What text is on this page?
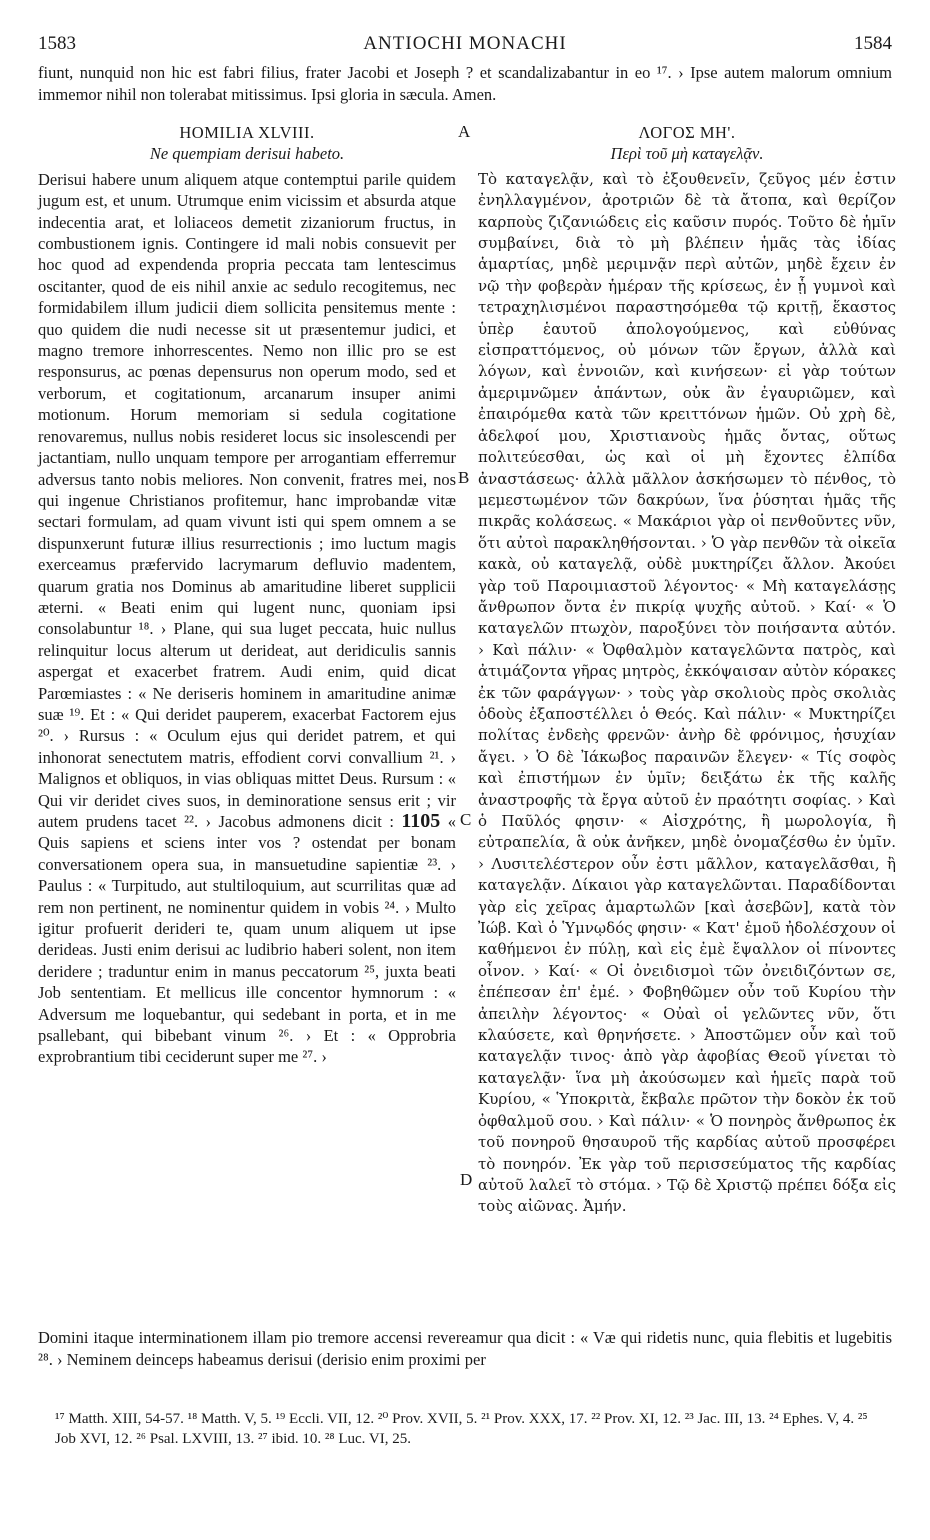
1583	ANTIOCHI MONACHI	1584
fiunt, nunquid non hic est fabri filius, frater Jacobi et Joseph ? et scandalizabantur in eo ¹⁷. › Ipse autem malorum omnium immemor nihil non tolerabat mitissimus. Ipsi gloria in sæcula. Amen.
HOMILIA XLVIII.
Ne quempiam derisui habeto.
Derisui habere unum aliquem atque contemptui parile quidem jugum est, et unum. Utrumque enim vicissim et absurda atque indecentia arat, et loliaceos demetit zizaniorum fructus, in combustionem ignis. Contingere id mali nobis consuevit per hoc quod ad expendenda propria peccata tam lentescimus oscitanter, quod de eis nihil anxie ac sedulo recogitemus, nec formidabilem illum judicii diem sollicita pensitemus mente : quo quidem die nudi necesse sit ut præsentemur judici, et magno tremore inhorrescentes. Nemo non illic pro se est responsurus, ac pœnas depensurus non operum modo, sed et verborum, et cogitationum, arcanarum insuper animi motionum. Horum memoriam si sedula cogitatione renovaremus, nullus nobis resideret locus sic insolescendi per jactantiam, nullo unquam tempore per arrogantiam efferremur adversus tanto nobis meliores. Non convenit, fratres mei, nos qui ingenue Christianos profitemur, hanc improbandæ vitæ sectari formulam, ad quam vivunt isti qui spem omnem a se dispunxerunt futuræ illius resurrectionis ; imo luctum magis exerceamus præfervido lacrymarum defluvio madentem, quarum gratia nos Dominus ab amaritudine liberet supplicii æterni. « Beati enim qui lugent nunc, quoniam ipsi consolabuntur ¹⁸. › Plane, qui sua luget peccata, huic nullus relinquitur locus alterum ut derideat, aut deridiculis sannis aspergat et exacerbet fratrem. Audi enim, quid dicat Parœmiastes : « Ne deriseris hominem in amaritudine animæ suæ ¹⁹. Et : « Qui deridet pauperem, exacerbat Factorem ejus ²⁰. › Rursus : « Oculum ejus qui deridet patrem, et qui inhonorat senectutem matris, effodient corvi convallium ²¹. › Malignos et obliquos, in vias obliquas mittet Deus. Rursum : « Qui vir deridet cives suos, in deminoratione sensus erit ; vir autem prudens tacet ²². › Jacobus admonens dicit : 1105 « Quis sapiens et sciens inter vos ? ostendat per bonam conversationem opera sua, in mansuetudine sapientiæ ²³. › Paulus : « Turpitudo, aut stultiloquium, aut scurrilitas quæ ad rem non pertinent, ne nominentur quidem in vobis ²⁴. › Multo igitur profuerit derideri te, quam unum aliquem ut ipse derideas. Justi enim derisui ac ludibrio haberi solent, non item deridere ; traduntur enim in manus peccatorum ²⁵, juxta beati Job sententiam. Et mellicus ille concentor hymnorum : « Adversum me loquebantur, qui sedebant in porta, et in me psallebant, qui bibebant vinum ²⁶. › Et : « Opprobria exprobrantium tibi ceciderunt super me ²⁷. ›
A
B
C
D
ΛΟΓΟΣ ΜΗ'.
Περὶ τοῦ μὴ καταγελᾷν.
Τὸ καταγελᾷν, καὶ τὸ ἐξουθενεῖν, ζεῦγος μέν ἐστιν ἐνηλλαγμένον, ἀροτριῶν δὲ τὰ ἄτοπα, καὶ θερίζον καρποὺς ζιζανιώδεις εἰς καῦσιν πυρός. Τοῦτο δὲ ἡμῖν συμβαίνει, διὰ τὸ μὴ βλέπειν ἡμᾶς τὰς ἰδίας ἁμαρτίας, μηδὲ μεριμνᾷν περὶ αὐτῶν, μηδὲ ἔχειν ἐν νῷ τὴν φοβερὰν ἡμέραν τῆς κρίσεως, ἐν ᾗ γυμνοὶ καὶ τετραχηλισμένοι παραστησόμεθα τῷ κριτῇ, ἕκαστος ὑπὲρ ἑαυτοῦ ἀπολογούμενος, καὶ εὐθύνας εἰσπραττόμενος, οὐ μόνων τῶν ἔργων, ἀλλὰ καὶ λόγων, καὶ ἐννοιῶν, καὶ κινήσεων· εἰ γὰρ τούτων ἀμεριμνῶμεν ἁπάντων, οὐκ ἂν ἐγαυριῶμεν, καὶ ἐπαιρόμεθα κατὰ τῶν κρειττόνων ἡμῶν. Οὐ χρὴ δὲ, ἀδελφοί μου, Χριστιανοὺς ἡμᾶς ὄντας, οὕτως πολιτεύεσθαι, ὡς καὶ οἱ μὴ ἔχοντες ἐλπίδα ἀναστάσεως· ἀλλὰ μᾶλλον ἀσκήσωμεν τὸ πένθος, τὸ μεμεστωμένον τῶν δακρύων, ἵνα ῥύσηται ἡμᾶς τῆς πικρᾶς κολάσεως. « Μακάριοι γὰρ οἱ πενθοῦντες νῦν, ὅτι αὐτοὶ παρακληθήσονται. › Ὁ γὰρ πενθῶν τὰ οἰκεῖα κακὰ, οὐ καταγελᾷ, οὐδὲ μυκτηρίζει ἄλλον. Ἀκούει γὰρ τοῦ Παροιμιαστοῦ λέγοντος· « Μὴ καταγελάσῃς ἄνθρωπον ὄντα ἐν πικρίᾳ ψυχῆς αὐτοῦ. › Καί· « Ὁ καταγελῶν πτωχὸν, παροξύνει τὸν ποιήσαντα αὐτόν. › Καὶ πάλιν· « Ὀφθαλμὸν καταγελῶντα πατρὸς, καὶ ἀτιμάζοντα γῆρας μητρὸς, ἐκκόψαισαν αὐτὸν κόρακες ἐκ τῶν φαράγγων· › τοὺς γὰρ σκολιοὺς πρὸς σκολιὰς ὁδοὺς ἐξαποστέλλει ὁ Θεός. Καὶ πάλιν· « Μυκτηρίζει πολίτας ἐνδεὴς φρενῶν· ἀνὴρ δὲ φρόνιμος, ἡσυχίαν ἄγει. › Ὁ δὲ Ἰάκωβος παραινῶν ἔλεγεν· « Τίς σοφὸς καὶ ἐπιστήμων ἐν ὑμῖν; δειξάτω ἐκ τῆς καλῆς ἀναστροφῆς τὰ ἔργα αὐτοῦ ἐν πραότητι σοφίας. › Καὶ ὁ Παῦλός φησιν· « Αἰσχρότης, ἢ μωρολογία, ἢ εὐτραπελία, ἃ οὐκ ἀνῆκεν, μηδὲ ὀνομαζέσθω ἐν ὑμῖν. › Λυσιτελέστερον οὖν ἐστι μᾶλλον, καταγελᾶσθαι, ἢ καταγελᾷν. Δίκαιοι γὰρ καταγελῶνται. Παραδίδονται γὰρ εἰς χεῖρας ἁμαρτωλῶν [καὶ ἀσεβῶν], κατὰ τὸν Ἰώβ. Καὶ ὁ Ὑμνῳδός φησιν· « Κατ' ἐμοῦ ἠδολέσχουν οἱ καθήμενοι ἐν πύλῃ, καὶ εἰς ἐμὲ ἔψαλλον οἱ πίνοντες οἶνον. › Καί· « Οἱ ὀνειδισμοὶ τῶν ὀνειδιζόντων σε, ἐπέπεσαν ἐπ' ἐμέ. › Φοβηθῶμεν οὖν τοῦ Κυρίου τὴν ἀπειλὴν λέγοντος· « Οὐαὶ οἱ γελῶντες νῦν, ὅτι κλαύσετε, καὶ θρηνήσετε. › Ἀποστῶμεν οὖν καὶ τοῦ καταγελᾷν τινος· ἀπὸ γὰρ ἀφοβίας Θεοῦ γίνεται τὸ καταγελᾷν· ἵνα μὴ ἀκούσωμεν καὶ ἡμεῖς παρὰ τοῦ Κυρίου, « Ὑποκριτὰ, ἔκβαλε πρῶτον τὴν δοκὸν ἐκ τοῦ ὀφθαλμοῦ σου. › Καὶ πάλιν· « Ὁ πονηρὸς ἄνθρωπος ἐκ τοῦ πονηροῦ θησαυροῦ τῆς καρδίας αὐτοῦ προσφέρει τὸ πονηρόν. Ἐκ γὰρ τοῦ περισσεύματος τῆς καρδίας αὐτοῦ λαλεῖ τὸ στόμα. › Τῷ δὲ Χριστῷ πρέπει δόξα εἰς τοὺς αἰῶνας. Ἀμήν.
Domini itaque interminationem illam pio tremore accensi revereamur qua dicit : « Væ qui ridetis nunc, quia flebitis et lugebitis ²⁸. › Neminem deinceps habeamus derisui (derisio enim proximi per
¹⁷ Matth. XIII, 54-57. ¹⁸ Matth. V, 5. ¹⁹ Eccli. VII, 12. ²⁰ Prov. XVII, 5. ²¹ Prov. XXX, 17. ²² Prov. XI, 12. ²³ Jac. III, 13. ²⁴ Ephes. V, 4. ²⁵ Job XVI, 12. ²⁶ Psal. LXVIII, 13. ²⁷ ibid. 10. ²⁸ Luc. VI, 25.
